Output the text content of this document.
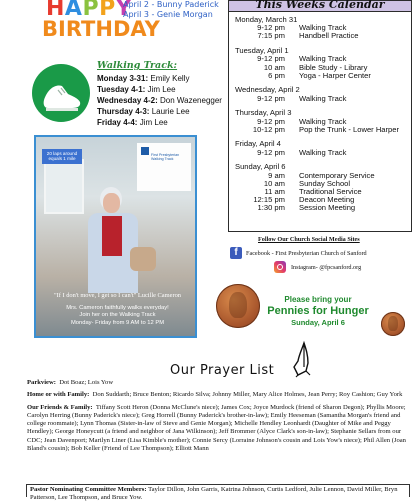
HAPPY
BIRTHDAY
April 2 - Bunny Paderick
April 3 - Genie Morgan
Walking Track:
Monday 3-31: Emily Kelly
Tuesday 4-1: Jim Lee
Wednesday 4-2: Don Wazenegger
Thursday 4-3: Laurie Lee
Friday 4-4: Jim Lee
This Weeks Calendar
Monday, March 31
9-12 pm	Walking Track
7:15 pm	Handbell Practice
Tuesday, April 1
9-12 pm	Walking Track
10 am	Bible Study - Library
6 pm	Yoga - Harper Center
Wednesday, April 2
9-12 pm	Walking Track
Thursday, April 3
9-12 pm	Walking Track
10-12 pm	Pop the Trunk - Lower Harper
Friday, April 4
9-12 pm	Walking Track
Sunday, April 6
9 am	Contemporary Service
10 am	Sunday School
11 am	Traditional Service
12:15 pm	Deacon Meeting
1:30 pm	Session Meeting
20 laps around equals 1 mile
First Presbyterian Walking Track
"If I don't move, I get so I can't" Lucille Cameron
Mrs. Cameron faithfully walks everyday!
Join her on the Walking Track
Monday- Friday from 9 AM to 12 PM
Follow Our Church Social Media Sites
f	Facebook - First Presbyterian Church of Sanford
Instagram- @fpcsanford.org
Please bring your
Pennies for Hunger
Sunday, April 6
Our Prayer List

Parkview: Dot Boaz; Lois Yow

Home or with Family: Don Suddarth; Bruce Benton; Ricardo Silva; Johnny Miller, Mary Alice Holmes, Jean Perry; Roy Cashion; Guy York

Our Friends & Family: Tiffany Scott Heron (Donna McClune's niece); James Cox; Joyce Murdock (friend of Sharon Degon); Phyllis Moore; Carolyn Herring (Bunny Paderick's niece); Greg Horrell (Bunny Paderick's brother-in-law); Emily Heeseman (Samantha Morgan's friend and college roommate); Lynn Thomas (Sister-in-law of Steve and Genie Morgan); Michelle Hendley Leonhardt (Daughter of Mike and Peggy Hendley); George Honeycutt (a friend and neighbor of Jana Wilkinson); Jeff Brommer (Alyce Clark's son-in-law); Stephanie Sellars from our CDC; Jean Davenport; Marilyn Liner (Lisa Kimble's mother); Connie Sercy (Lorraine Johnson's cousin and Lois Yow's niece); Phil Allen (Joan Bland's cousin); Bob Keller (Friend of Lee Thompson); Elliott Mann

Pastor Nominating Committee Members: Taylor Dillon, John Garris, Katrina Johnson, Curtis Ledford, Julie Lennon, David Miller, Bryn Patterson, Lee Thompson, and Bruce Yow.
